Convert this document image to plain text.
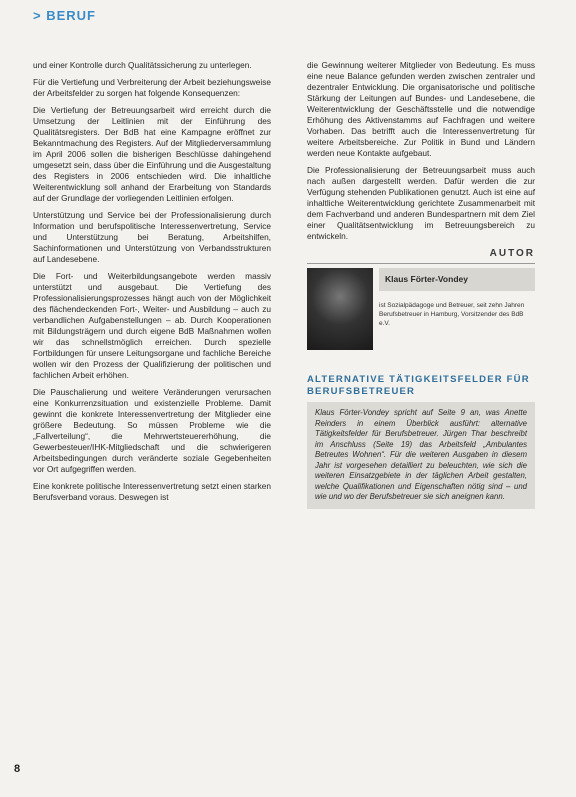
> BERUF

und einer Kontrolle durch Qualitätssicherung zu unterlegen.

Für die Vertiefung und Verbreiterung der Arbeit beziehungsweise der Arbeitsfelder zu sorgen hat folgende Konsequenzen:

Die Vertiefung der Betreuungsarbeit wird erreicht durch die Umsetzung der Leitlinien mit der Einführung des Qualitätsregisters. Der BdB hat eine Kampagne eröffnet zur Bekanntmachung des Registers. Auf der Mitgliederversammlung im April 2006 sollen die bisherigen Beschlüsse dahingehend umgesetzt sein, dass über die Einführung und die Ausgestaltung des Registers in 2006 entschieden wird. Die inhaltliche Weiterentwicklung soll anhand der Erarbeitung von Standards auf der Grundlage der vorliegenden Leitlinien erfolgen.

Unterstützung und Service bei der Professionalisierung durch Information und berufspolitische Interessenvertretung, Service und Unterstützung bei Beratung, Arbeitshilfen, Sachinformationen und Unterstützung von Verbandsstrukturen auf Landesebene.

Die Fort- und Weiterbildungsangebote werden massiv unterstützt und ausgebaut. Die Vertiefung des Professionalisierungsprozesses hängt auch von der Möglichkeit des flächendeckenden Fort-, Weiter- und Ausbildung – auch zu verbandlichen Aufgabenstellungen – ab. Durch Kooperationen mit Bildungsträgern und durch eigene BdB Maßnahmen wollen wir das schnellstmöglich erreichen. Durch spezielle Fortbildungen für unsere Leitungsorgane und fachliche Bereiche wollen wir den Prozess der Qualifizierung der politischen und fachlichen Arbeit erhöhen.

Die Pauschalierung und weitere Veränderungen verursachen eine Konkurrenzsituation und existenzielle Probleme. Damit gewinnt die konkrete Interessenvertretung der Mitglieder eine größere Bedeutung. So müssen Probleme wie die „Fallverteilung“, die Mehrwertsteuererhöhung, die Gewerbesteuer/IHK-Mitgliedschaft und die schwierigeren Arbeitsbedingungen durch veränderte soziale Gegebenheiten vor Ort aufgegriffen werden.

Eine konkrete politische Interessenvertretung setzt einen starken Berufsverband voraus. Deswegen ist

die Gewinnung weiterer Mitglieder von Bedeutung. Es muss eine neue Balance gefunden werden zwischen zentraler und dezentraler Entwicklung. Die organisatorische und politische Stärkung der Leitungen auf Bundes- und Landesebene, die Weiterentwicklung der Geschäftsstelle und die notwendige Erhöhung des Aktivenstamms auf Fachfragen und weitere Vorhaben. Das betrifft auch die Interessenvertretung für weitere Arbeitsbereiche. Zur Politik in Bund und Ländern werden neue Kontakte aufgebaut.

Die Professionalisierung der Betreuungsarbeit muss auch nach außen dargestellt werden. Dafür werden die zur Verfügung stehenden Publikationen genutzt. Auch ist eine auf inhaltliche Weiterentwicklung gerichtete Zusammenarbeit mit dem Fachverband und anderen Bundespartnern mit dem Ziel einer Qualitätsentwicklung im Betreuungsbereich zu entwickeln.

AUTOR
Klaus Förter-Vondey
ist Sozialpädagoge und Betreuer, seit zehn Jahren Berufsbetreuer in Hamburg, Vorsitzender des BdB e.V.
ALTERNATIVE TÄTIGKEITSFELDER FÜR BERUFSBETREUER
Klaus Förter-Vondey spricht auf Seite 9 an, was Anette Reinders in einem Überblick ausführt: alternative Tätigkeitsfelder für Berufsbetreuer. Jürgen Thar beschreibt im Anschluss (Seite 19) das Arbeitsfeld „Ambulantes Betreutes Wohnen“. Für die weiteren Ausgaben in diesem Jahr ist vorgesehen detailliert zu beleuchten, wie sich die weiteren Einsatzgebiete in der täglichen Arbeit gestalten, welche Qualifikationen und Eigenschaften nötig sind – und wie und wo der Berufsbetreuer sie sich aneignen kann.
8
